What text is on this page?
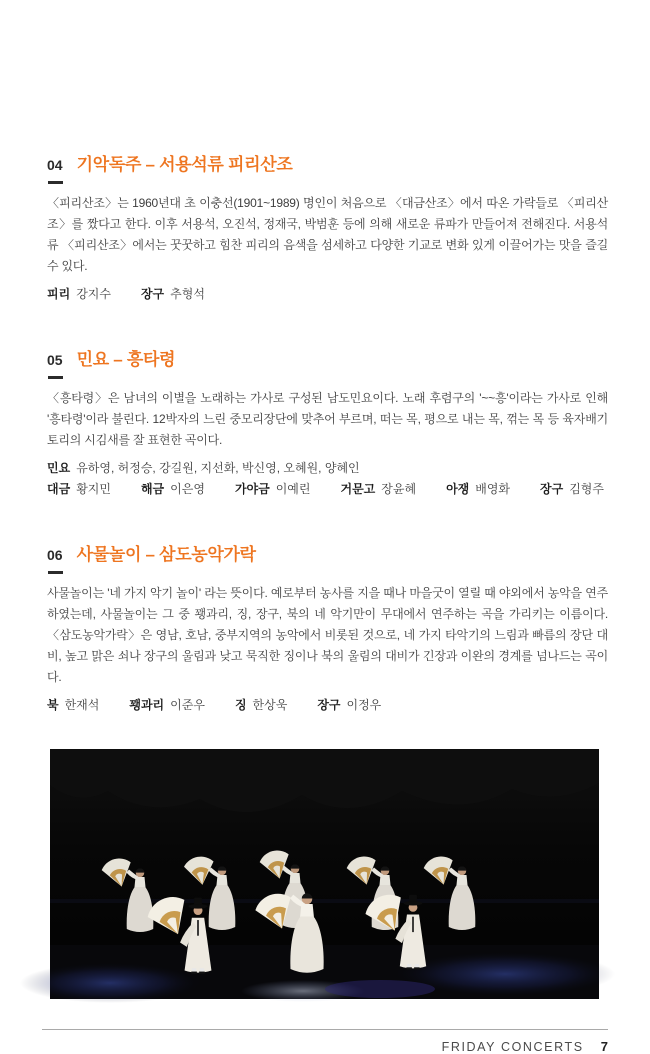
04 기악독주 – 서용석류 피리산조

〈피리산조〉는 1960년대 초 이충선(1901~1989) 명인이 처음으로 〈대금산조〉에서 따온 가락들로 〈피리산조〉를 짰다고 한다. 이후 서용석, 오진석, 정재국, 박범훈 등에 의해 새로운 류파가 만들어져 전해진다. 서용석류 〈피리산조〉에서는 꿋꿋하고 힘찬 피리의 음색을 섬세하고 다양한 기교로 변화 있게 이끌어가는 맛을 즐길 수 있다.

피리 강지수	장구 추형석
05 민요 – 흥타령

〈흥타령〉은 남녀의 이별을 노래하는 가사로 구성된 남도민요이다. 노래 후렴구의 '~~흥'이라는 가사로 인해 '흥타령'이라 불린다. 12박자의 느린 중모리장단에 맞추어 부르며, 떠는 목, 평으로 내는 목, 꺾는 목 등 육자배기토리의 시김새를 잘 표현한 곡이다.

민요 유하영, 허정승, 강길원, 지선화, 박신영, 오혜원, 양혜인
대금 황지민	해금 이은영	가야금 이예린	거문고 장윤혜	아쟁 배영화	장구 김형주
06 사물놀이 – 삼도농악가락

사물놀이는 '네 가지 악기 놀이' 라는 뜻이다. 예로부터 농사를 지을 때나 마을굿이 열릴 때 야외에서 농악을 연주하였는데, 사물놀이는 그 중 꽹과리, 징, 장구, 북의 네 악기만이 무대에서 연주하는 곡을 가리키는 이름이다. 〈삼도농악가락〉은 영남, 호남, 중부지역의 농악에서 비롯된 것으로, 네 가지 타악기의 느림과 빠름의 장단 대비, 높고 맑은 쇠나 장구의 울림과 낮고 묵직한 징이나 북의 울림의 대비가 긴장과 이완의 경계를 넘나드는 곡이다.

북 한재석	꽹과리 이준우	징 한상욱	장구 이정우
FRIDAY CONCERTS 7
